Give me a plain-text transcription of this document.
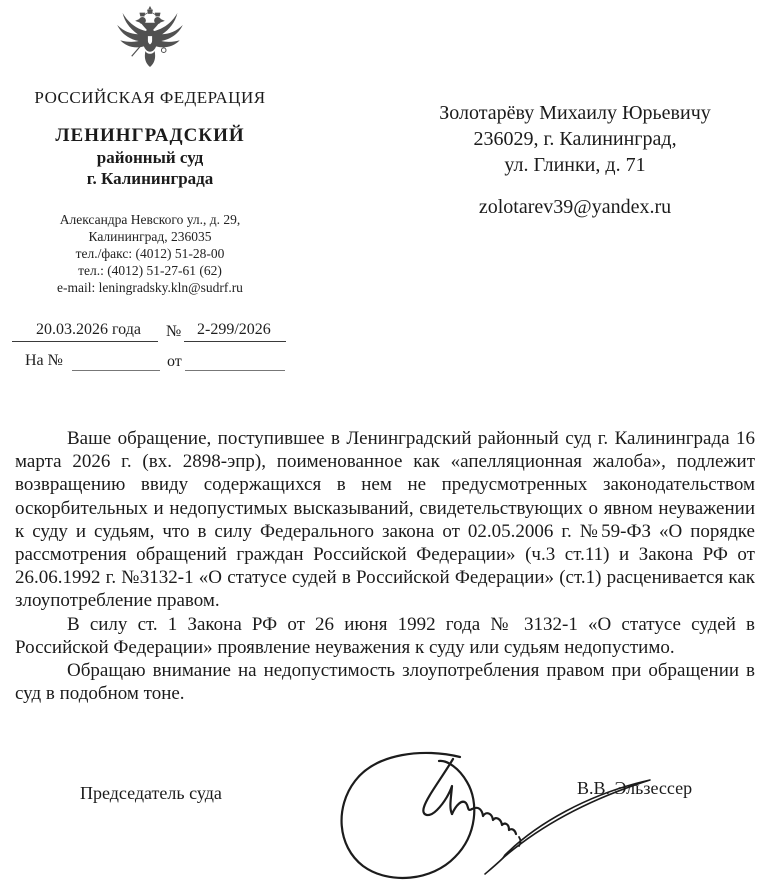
РОССИЙСКАЯ ФЕДЕРАЦИЯ
ЛЕНИНГРАДСКИЙ
районный суд
г. Калининграда
Александра Невского ул., д. 29,
Калининград, 236035
тел./факс: (4012) 51-28-00
тел.: (4012) 51-27-61 (62)
e-mail: leningradsky.kln@sudrf.ru
Золотарёву Михаилу Юрьевичу
236029, г. Калининград,
ул. Глинки, д. 71
zolotarev39@yandex.ru
20.03.2026 года № 2-299/2026
На №	от

Ваше обращение, поступившее в Ленинградский районный суд г. Калининграда 16 марта 2026 г. (вх. 2898-эпр), поименованное как «апелляционная жалоба», подлежит возвращению ввиду содержащихся в нем не предусмотренных законодательством оскорбительных и недопустимых высказываний, свидетельствующих о явном неуважении к суду и судьям, что в силу Федерального закона от 02.05.2006 г. №59-ФЗ «О порядке рассмотрения обращений граждан Российской Федерации» (ч.3 ст.11) и Закона РФ от 26.06.1992 г. №3132-1 «О статусе судей в Российской Федерации» (ст.1) расценивается как злоупотребление правом.

В силу ст. 1 Закона РФ от 26 июня 1992 года № 3132-1 «О статусе судей в Российской Федерации» проявление неуважения к суду или судьям недопустимо.

Обращаю внимание на недопустимость злоупотребления правом при обращении в суд в подобном тоне.

Председатель суда	В.В. Эльзессер
